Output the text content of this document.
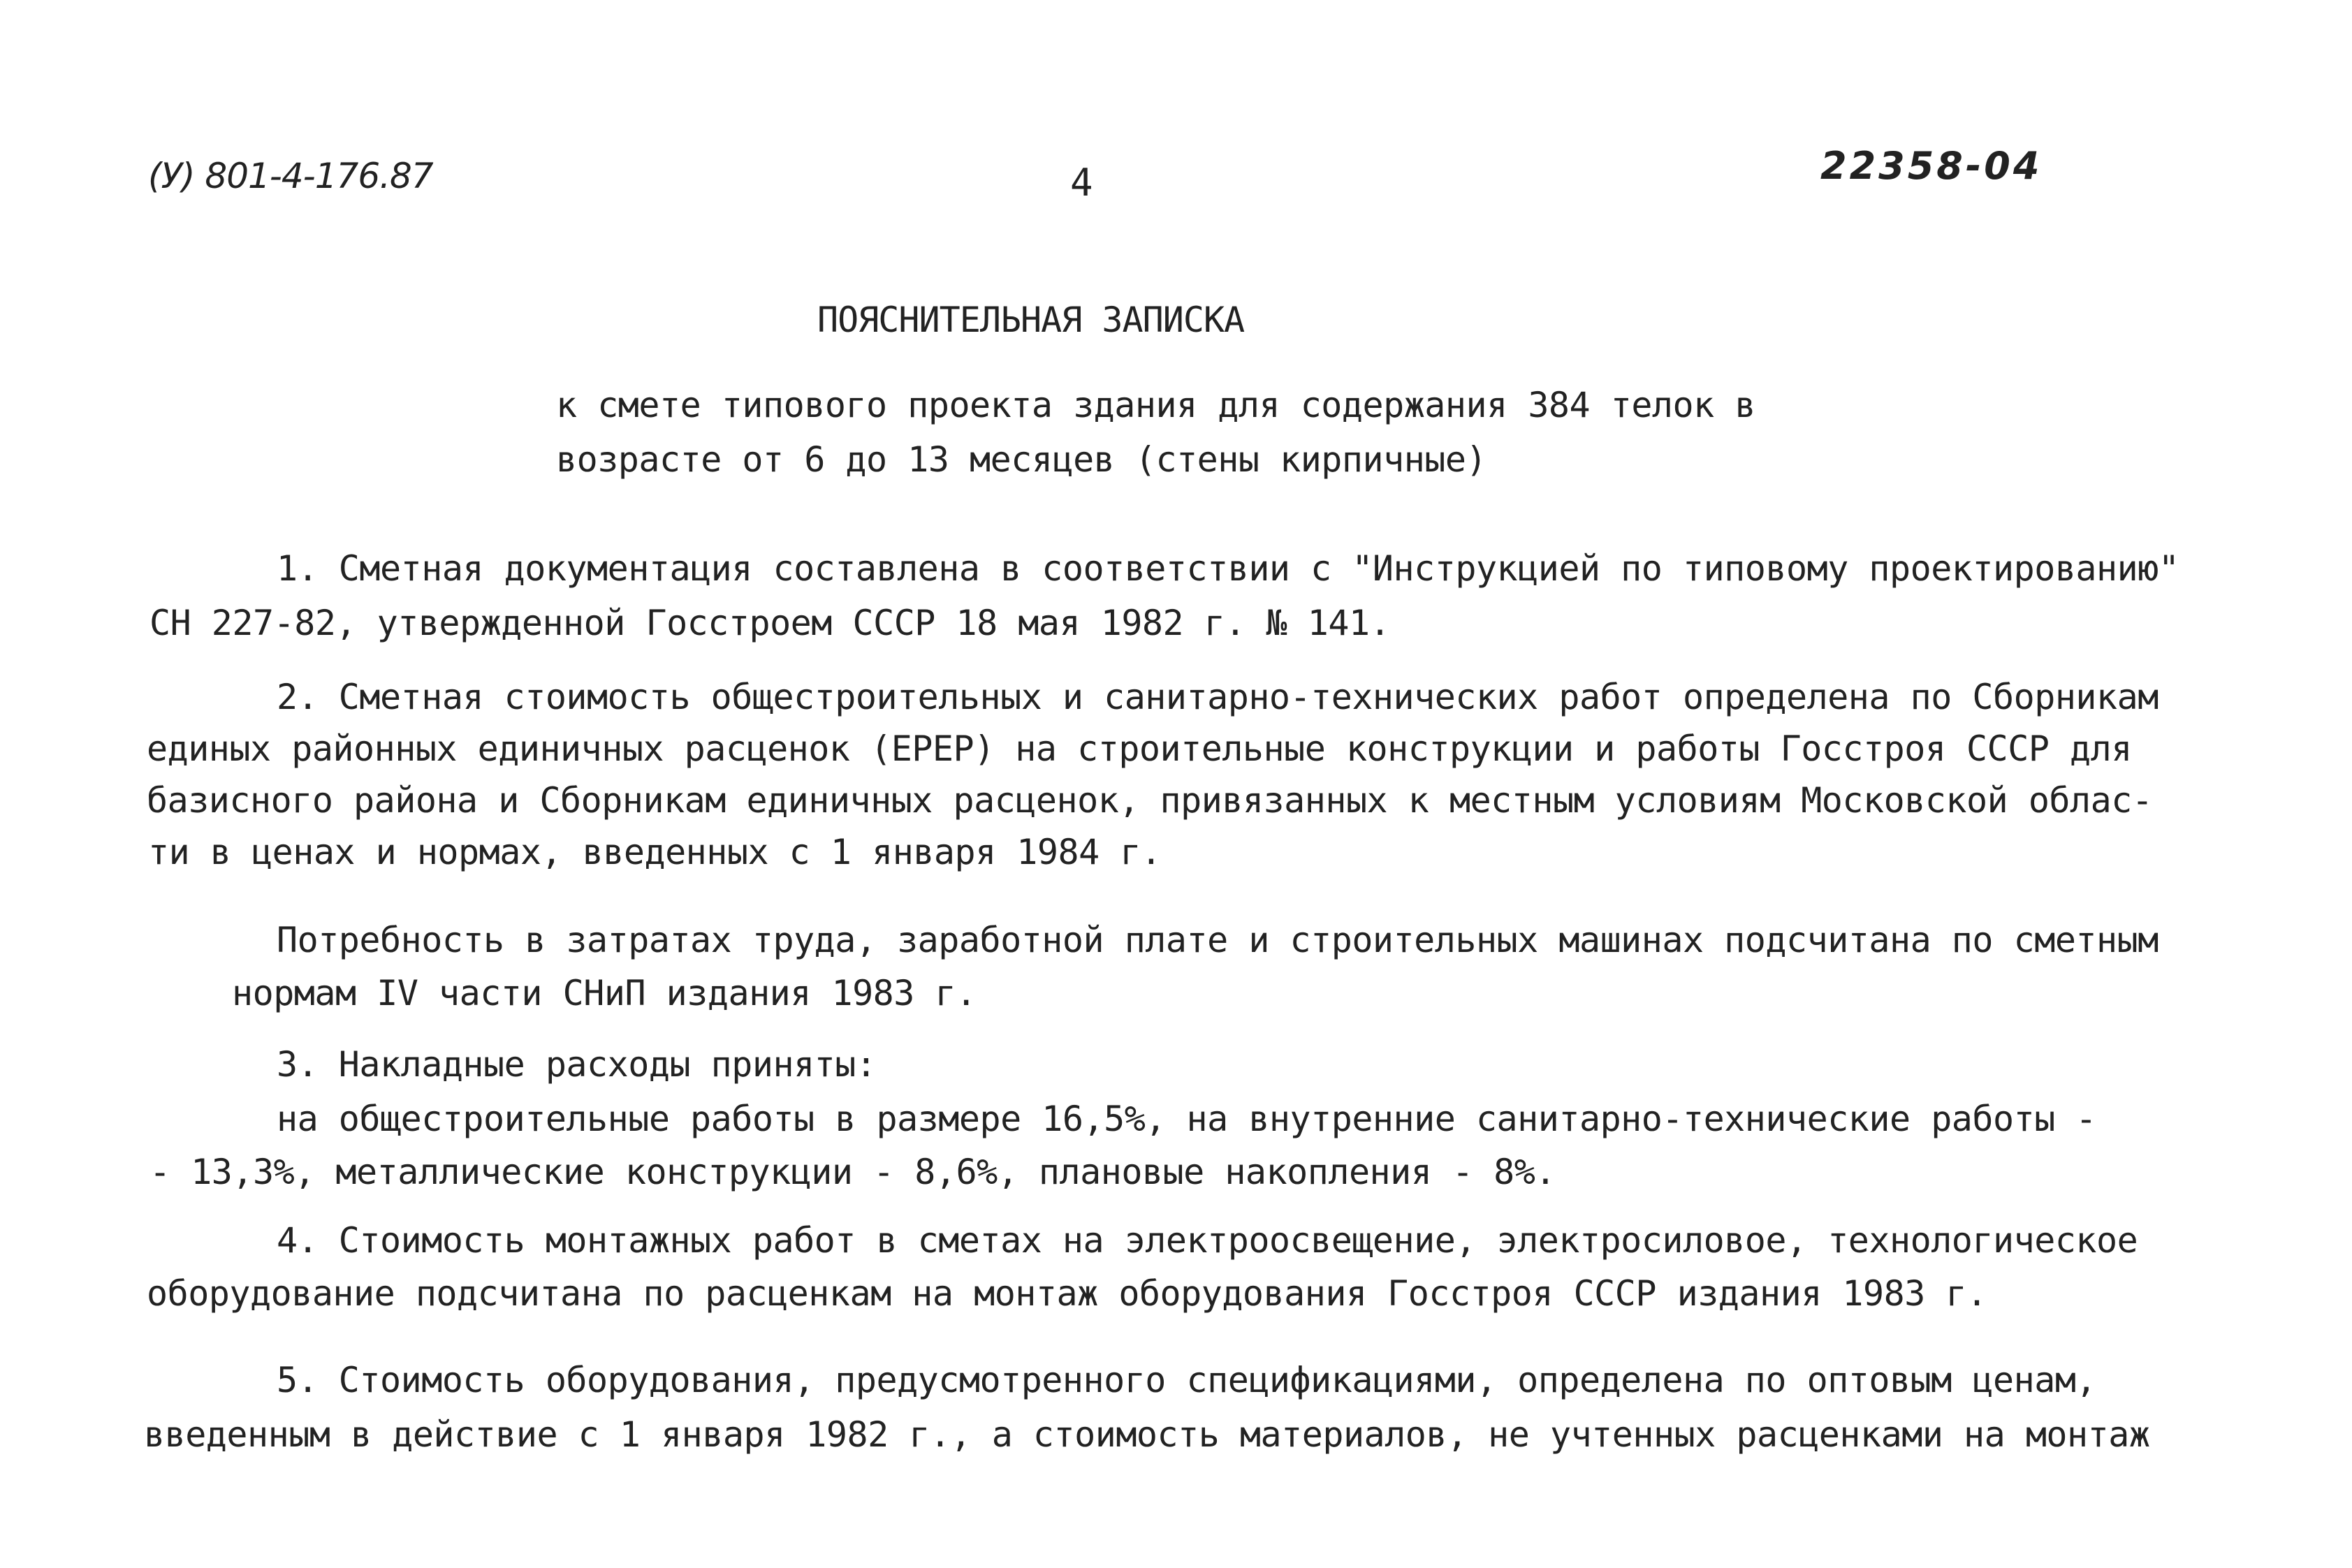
(У) 801-4-176.87	4	22358-04
ПОЯСНИТЕЛЬНАЯ ЗАПИСКА
к смете типового проекта здания для содержания 384 телок в
возрасте от 6 до 13 месяцев (стены кирпичные)
1. Сметная документация составлена в соответствии с "Инструкцией по типовому проектированию"
СН 227-82, утвержденной Госстроем СССР 18 мая 1982 г. № 141.
2. Сметная стоимость общестроительных и санитарно-технических работ определена по Сборникам
единых районных единичных расценок (ЕРЕР) на строительные конструкции и работы Госстроя СССР для
базисного района и Сборникам единичных расценок, привязанных к местным условиям Московской облас-
ти в ценах и нормах, введенных с 1 января 1984 г.
Потребность в затратах труда, заработной плате и строительных машинах подсчитана по сметным
нормам IV части СНиП издания 1983 г.
3. Накладные расходы приняты:
на общестроительные работы в размере 16,5%, на внутренние санитарно-технические работы -
- 13,3%, металлические конструкции - 8,6%, плановые накопления - 8%.
4. Стоимость монтажных работ в сметах на электроосвещение, электросиловое, технологическое
оборудование подсчитана по расценкам на монтаж оборудования Госстроя СССР издания 1983 г.
5. Стоимость оборудования, предусмотренного спецификациями, определена по оптовым ценам,
введенным в действие с 1 января 1982 г., а стоимость материалов, не учтенных расценками на монтаж
